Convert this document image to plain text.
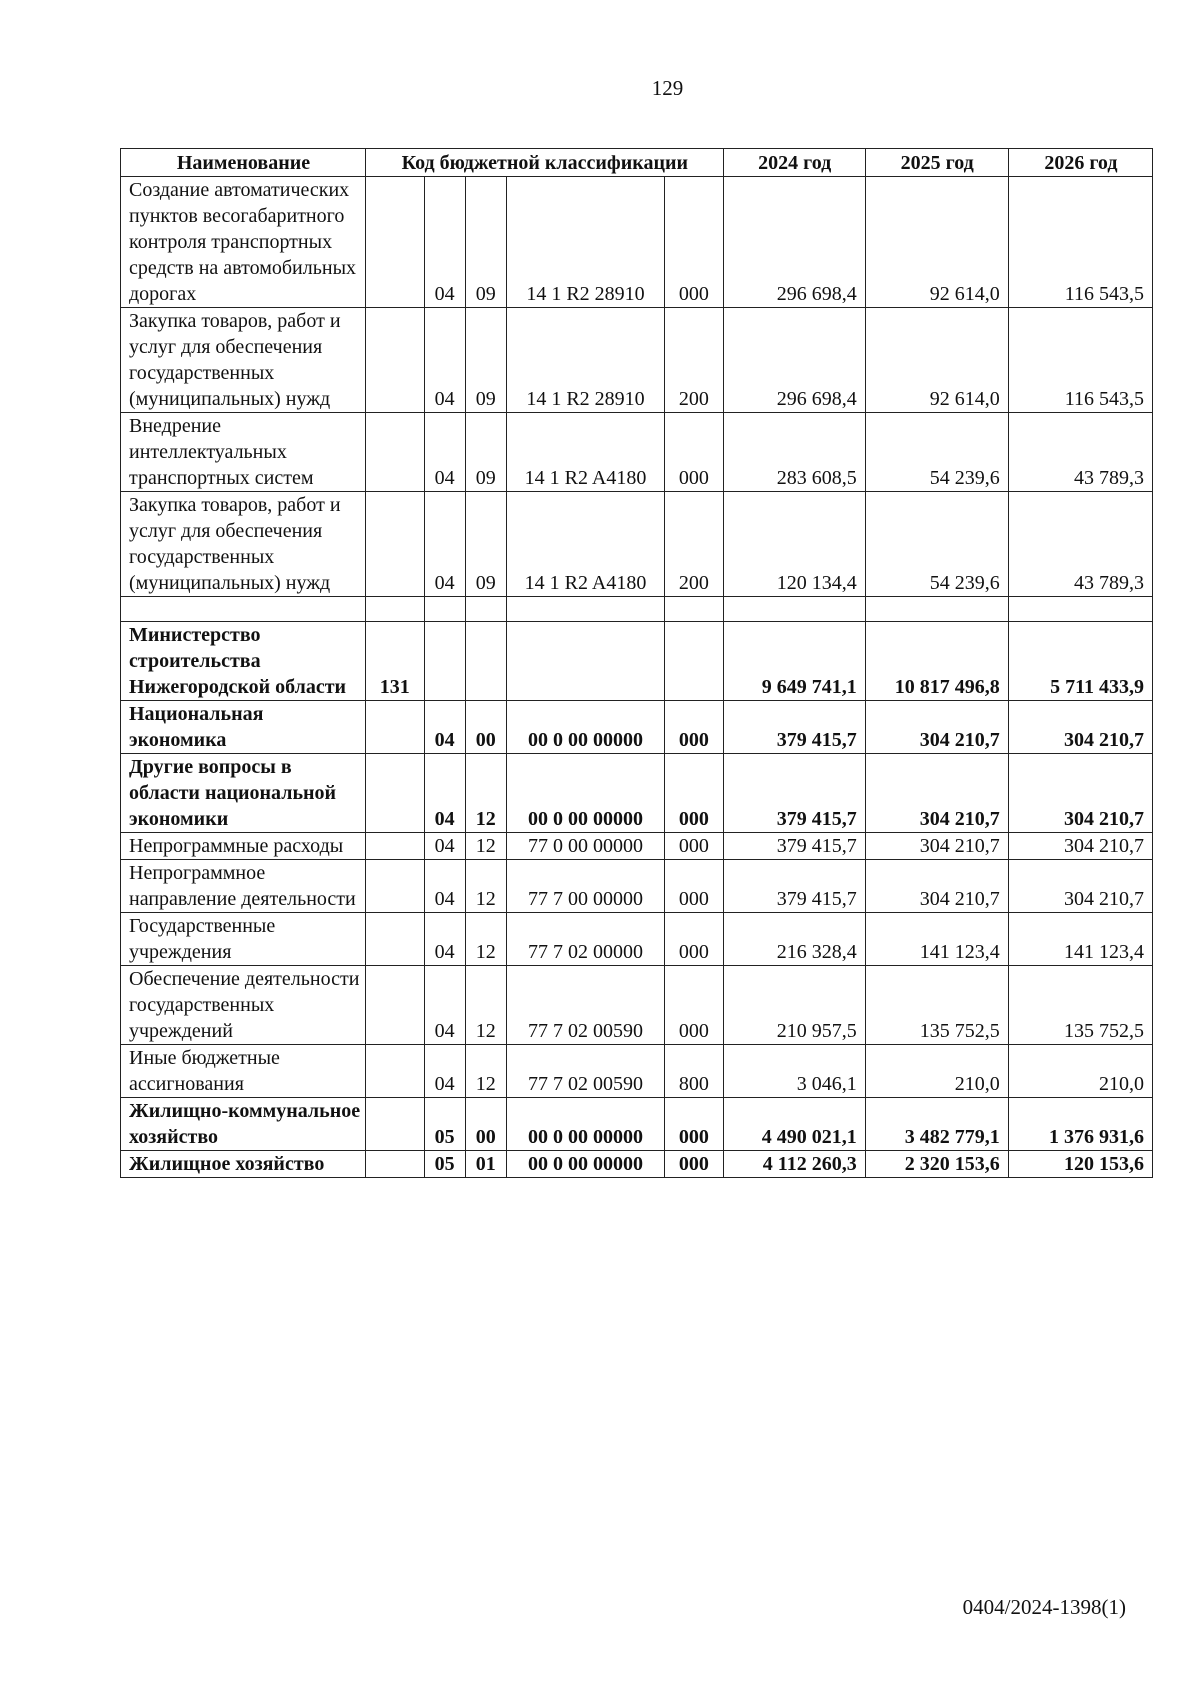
129
Наименование	Код бюджетной классификации					2024 год	2025 год	2026 год
Создание автоматических пунктов весогабаритного контроля транспортных средств на автомобильных дорогах		04	09	14 1 R2 28910	000	296 698,4	92 614,0	116 543,5
Закупка товаров, работ и услуг для обеспечения государственных (муниципальных) нужд		04	09	14 1 R2 28910	200	296 698,4	92 614,0	116 543,5
Внедрение интеллектуальных транспортных систем		04	09	14 1 R2 A4180	000	283 608,5	54 239,6	43 789,3
Закупка товаров, работ и услуг для обеспечения государственных (муниципальных) нужд		04	09	14 1 R2 A4180	200	120 134,4	54 239,6	43 789,3

Министерство строительства Нижегородской области	131					9 649 741,1	10 817 496,8	5 711 433,9
Национальная экономика		04	00	00 0 00 00000	000	379 415,7	304 210,7	304 210,7
Другие вопросы в области национальной экономики		04	12	00 0 00 00000	000	379 415,7	304 210,7	304 210,7
Непрограммные расходы		04	12	77 0 00 00000	000	379 415,7	304 210,7	304 210,7
Непрограммное направление деятельности		04	12	77 7 00 00000	000	379 415,7	304 210,7	304 210,7
Государственные учреждения		04	12	77 7 02 00000	000	216 328,4	141 123,4	141 123,4
Обеспечение деятельности государственных учреждений		04	12	77 7 02 00590	000	210 957,5	135 752,5	135 752,5
Иные бюджетные ассигнования		04	12	77 7 02 00590	800	3 046,1	210,0	210,0
Жилищно-коммунальное хозяйство		05	00	00 0 00 00000	000	4 490 021,1	3 482 779,1	1 376 931,6
Жилищное хозяйство		05	01	00 0 00 00000	000	4 112 260,3	2 320 153,6	120 153,6
0404/2024-1398(1)
